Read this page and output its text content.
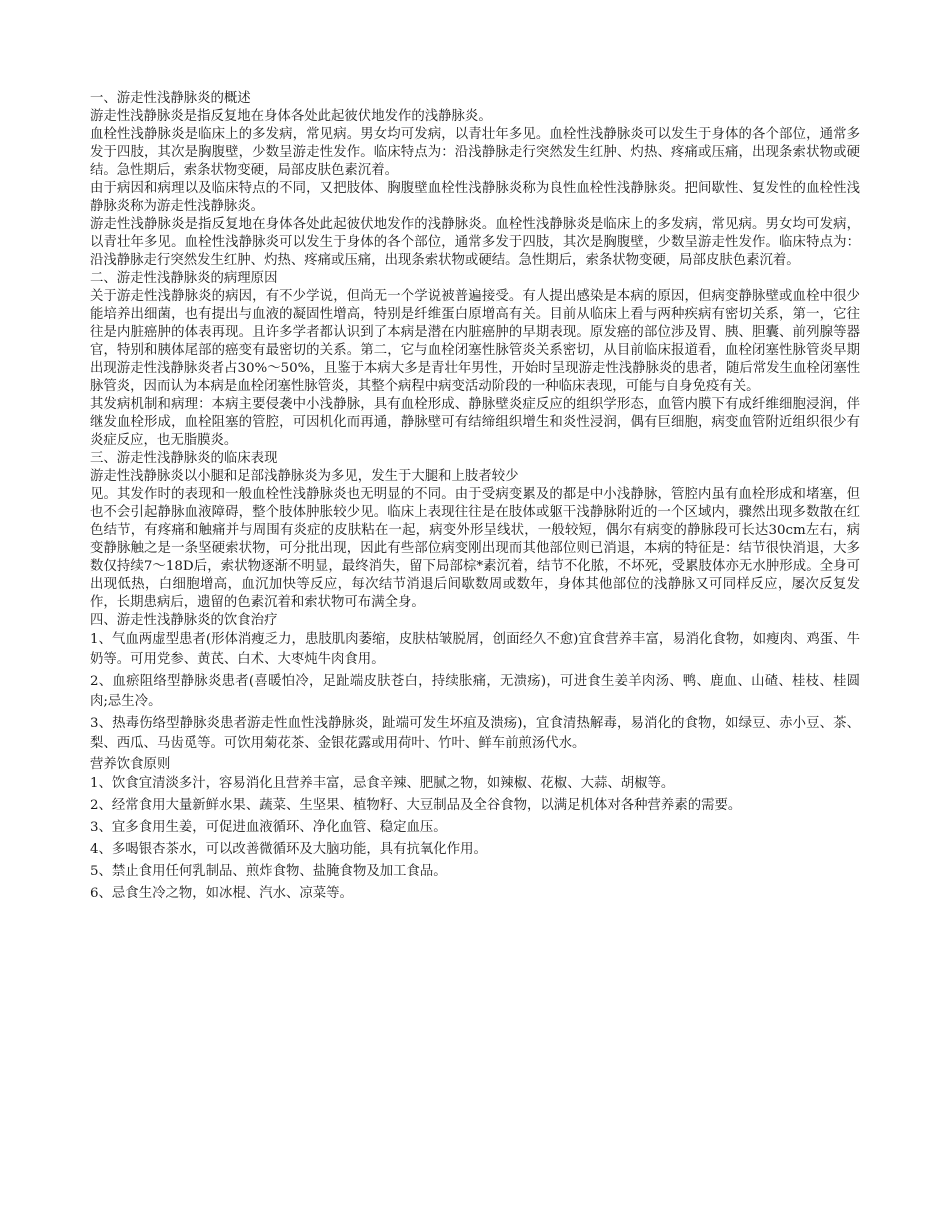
一、游走性浅静脉炎的概述

游走性浅静脉炎是指反复地在身体各处此起彼伏地发作的浅静脉炎。

血栓性浅静脉炎是临床上的多发病，常见病。男女均可发病，以青壮年多见。血栓性浅静脉炎可以发生于身体的各个部位，通常多发于四肢，其次是胸腹壁，少数呈游走性发作。临床特点为：沿浅静脉走行突然发生红肿、灼热、疼痛或压痛，出现条索状物或硬结。急性期后，索条状物变硬，局部皮肤色素沉着。

由于病因和病理以及临床特点的不同，又把肢体、胸腹壁血栓性浅静脉炎称为良性血栓性浅静脉炎。把间歇性、复发性的血栓性浅静脉炎称为游走性浅静脉炎。

游走性浅静脉炎是指反复地在身体各处此起彼伏地发作的浅静脉炎。血栓性浅静脉炎是临床上的多发病，常见病。男女均可发病，以青壮年多见。血栓性浅静脉炎可以发生于身体的各个部位，通常多发于四肢，其次是胸腹壁，少数呈游走性发作。临床特点为：沿浅静脉走行突然发生红肿、灼热、疼痛或压痛，出现条索状物或硬结。急性期后，索条状物变硬，局部皮肤色素沉着。

二、游走性浅静脉炎的病理原因

关于游走性浅静脉炎的病因，有不少学说，但尚无一个学说被普遍接受。有人提出感染是本病的原因，但病变静脉壁或血栓中很少能培养出细菌，也有提出与血液的凝固性增高，特别是纤维蛋白原增高有关。目前从临床上看与两种疾病有密切关系，第一，它往往是内脏癌肿的体表再现。且许多学者都认识到了本病是潜在内脏癌肿的早期表现。原发癌的部位涉及胃、胰、胆囊、前列腺等器官，特别和胰体尾部的癌变有最密切的关系。第二，它与血栓闭塞性脉管炎关系密切，从目前临床报道看，血栓闭塞性脉管炎早期出现游走性浅静脉炎者占30%～50%，且鉴于本病大多是青壮年男性，开始时呈现游走性浅静脉炎的患者，随后常发生血栓闭塞性脉管炎，因而认为本病是血栓闭塞性脉管炎，其整个病程中病变活动阶段的一种临床表现，可能与自身免疫有关。

其发病机制和病理：本病主要侵袭中小浅静脉，具有血栓形成、静脉壁炎症反应的组织学形态，血管内膜下有成纤维细胞浸润，伴继发血栓形成，血栓阻塞的管腔，可因机化而再通，静脉壁可有结缔组织增生和炎性浸润，偶有巨细胞，病变血管附近组织很少有炎症反应，也无脂膜炎。

三、游走性浅静脉炎的临床表现

游走性浅静脉炎以小腿和足部浅静脉炎为多见，发生于大腿和上肢者较少

见。其发作时的表现和一般血栓性浅静脉炎也无明显的不同。由于受病变累及的都是中小浅静脉，管腔内虽有血栓形成和堵塞，但也不会引起静脉血液障碍，整个肢体肿胀较少见。临床上表现往往是在肢体或躯干浅静脉附近的一个区域内，骤然出现多数散在红色结节，有疼痛和触痛并与周围有炎症的皮肤粘在一起，病变外形呈线状，一般较短，偶尔有病变的静脉段可长达30cm左右，病变静脉触之是一条坚硬索状物，可分批出现，因此有些部位病变刚出现而其他部位则已消退，本病的特征是：结节很快消退，大多数仅持续7～18D后，索状物逐渐不明显，最终消失，留下局部棕*素沉着，结节不化脓，不坏死，受累肢体亦无水肿形成。全身可出现低热，白细胞增高，血沉加快等反应，每次结节消退后间歇数周或数年，身体其他部位的浅静脉又可同样反应，屡次反复发作，长期患病后，遗留的色素沉着和索状物可布满全身。

四、游走性浅静脉炎的饮食治疗

1、气血两虚型患者(形体消瘦乏力，患肢肌肉萎缩，皮肤枯皱脱屑，创面经久不愈)宜食营养丰富，易消化食物，如瘦肉、鸡蛋、牛奶等。可用党参、黄芪、白术、大枣炖牛肉食用。

2、血瘀阻络型静脉炎患者(喜暖怕冷，足趾端皮肤苍白，持续胀痛，无溃疡)，可进食生姜羊肉汤、鸭、鹿血、山碴、桂枝、桂圆肉;忌生冷。

3、热毒伤络型静脉炎患者游走性血性浅静脉炎，趾端可发生坏疽及溃疡)，宜食清热解毒，易消化的食物，如绿豆、赤小豆、茶、梨、西瓜、马齿觅等。可饮用菊花茶、金银花露或用荷叶、竹叶、鲜车前煎汤代水。

营养饮食原则

1、饮食宜清淡多汁，容易消化且营养丰富，忌食辛辣、肥腻之物，如辣椒、花椒、大蒜、胡椒等。

2、经常食用大量新鲜水果、蔬菜、生坚果、植物籽、大豆制品及全谷食物，以满足机体对各种营养素的需要。

3、宜多食用生姜，可促进血液循环、净化血管、稳定血压。

4、多喝银杏茶水，可以改善微循环及大脑功能，具有抗氧化作用。

5、禁止食用任何乳制品、煎炸食物、盐腌食物及加工食品。

6、忌食生冷之物，如冰棍、汽水、凉菜等。
